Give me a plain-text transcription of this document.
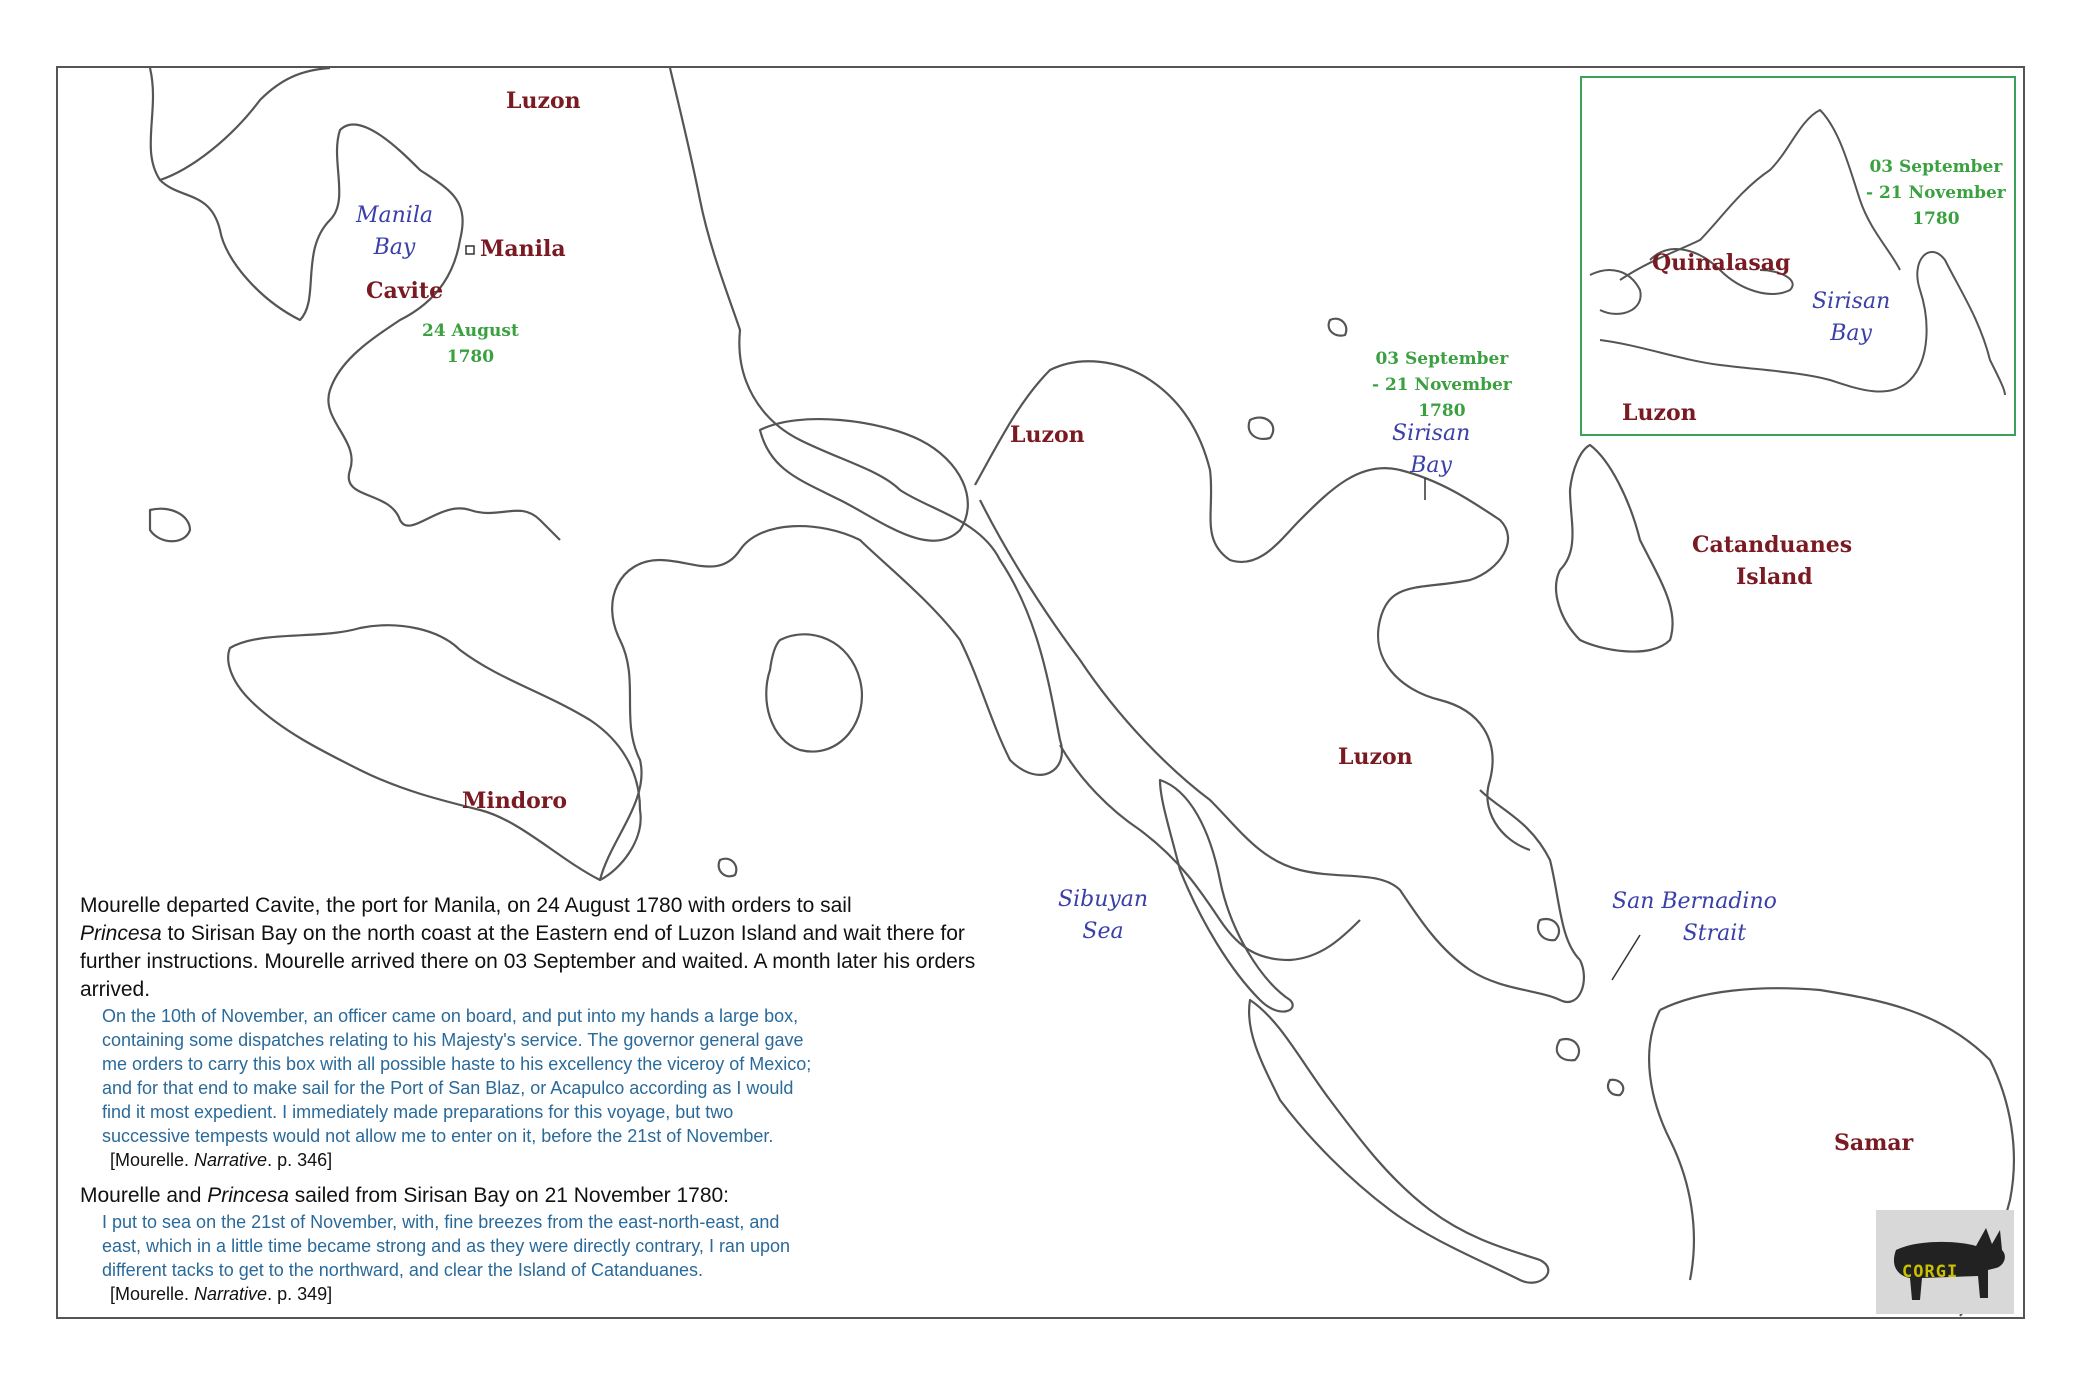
Luzon
Manila
Cavite
Luzon
Luzon
Catanduanes
Island
Mindoro
Samar
Quinalasag
Luzon
Manila
Bay
Sirisan
Bay
Sibuyan
Sea
San Bernadino
Strait
Sirisan
Bay
24 August
1780	03 September
- 21 November
1780
03 September
- 21 November
1780

Mourelle departed Cavite, the port for Manila, on 24 August 1780 with orders to sail
Princesa to Sirisan Bay on the north coast at the Eastern end of Luzon Island and wait there for further instructions. Mourelle arrived there on 03 September and waited. A month later his orders arrived.

On the 10th of November, an officer came on board, and put into my hands a large box,
containing some dispatches relating to his Majesty's service. The governor general gave
me orders to carry this box with all possible haste to his excellency the viceroy of Mexico;
and for that end to make sail for the Port of San Blaz, or Acapulco according as I would
find it most expedient. I immediately made preparations for this voyage, but two
successive tempests would not allow me to enter on it, before the 21st of November.

[Mourelle. Narrative. p. 346]

Mourelle and Princesa sailed from Sirisan Bay on 21 November 1780:

I put to sea on the 21st of November, with, fine breezes from the east-north-east, and
east, which in a little time became strong and as they were directly contrary, I ran upon
different tacks to get to the northward, and clear the Island of Catanduanes.

[Mourelle. Narrative. p. 349]

CORGI
